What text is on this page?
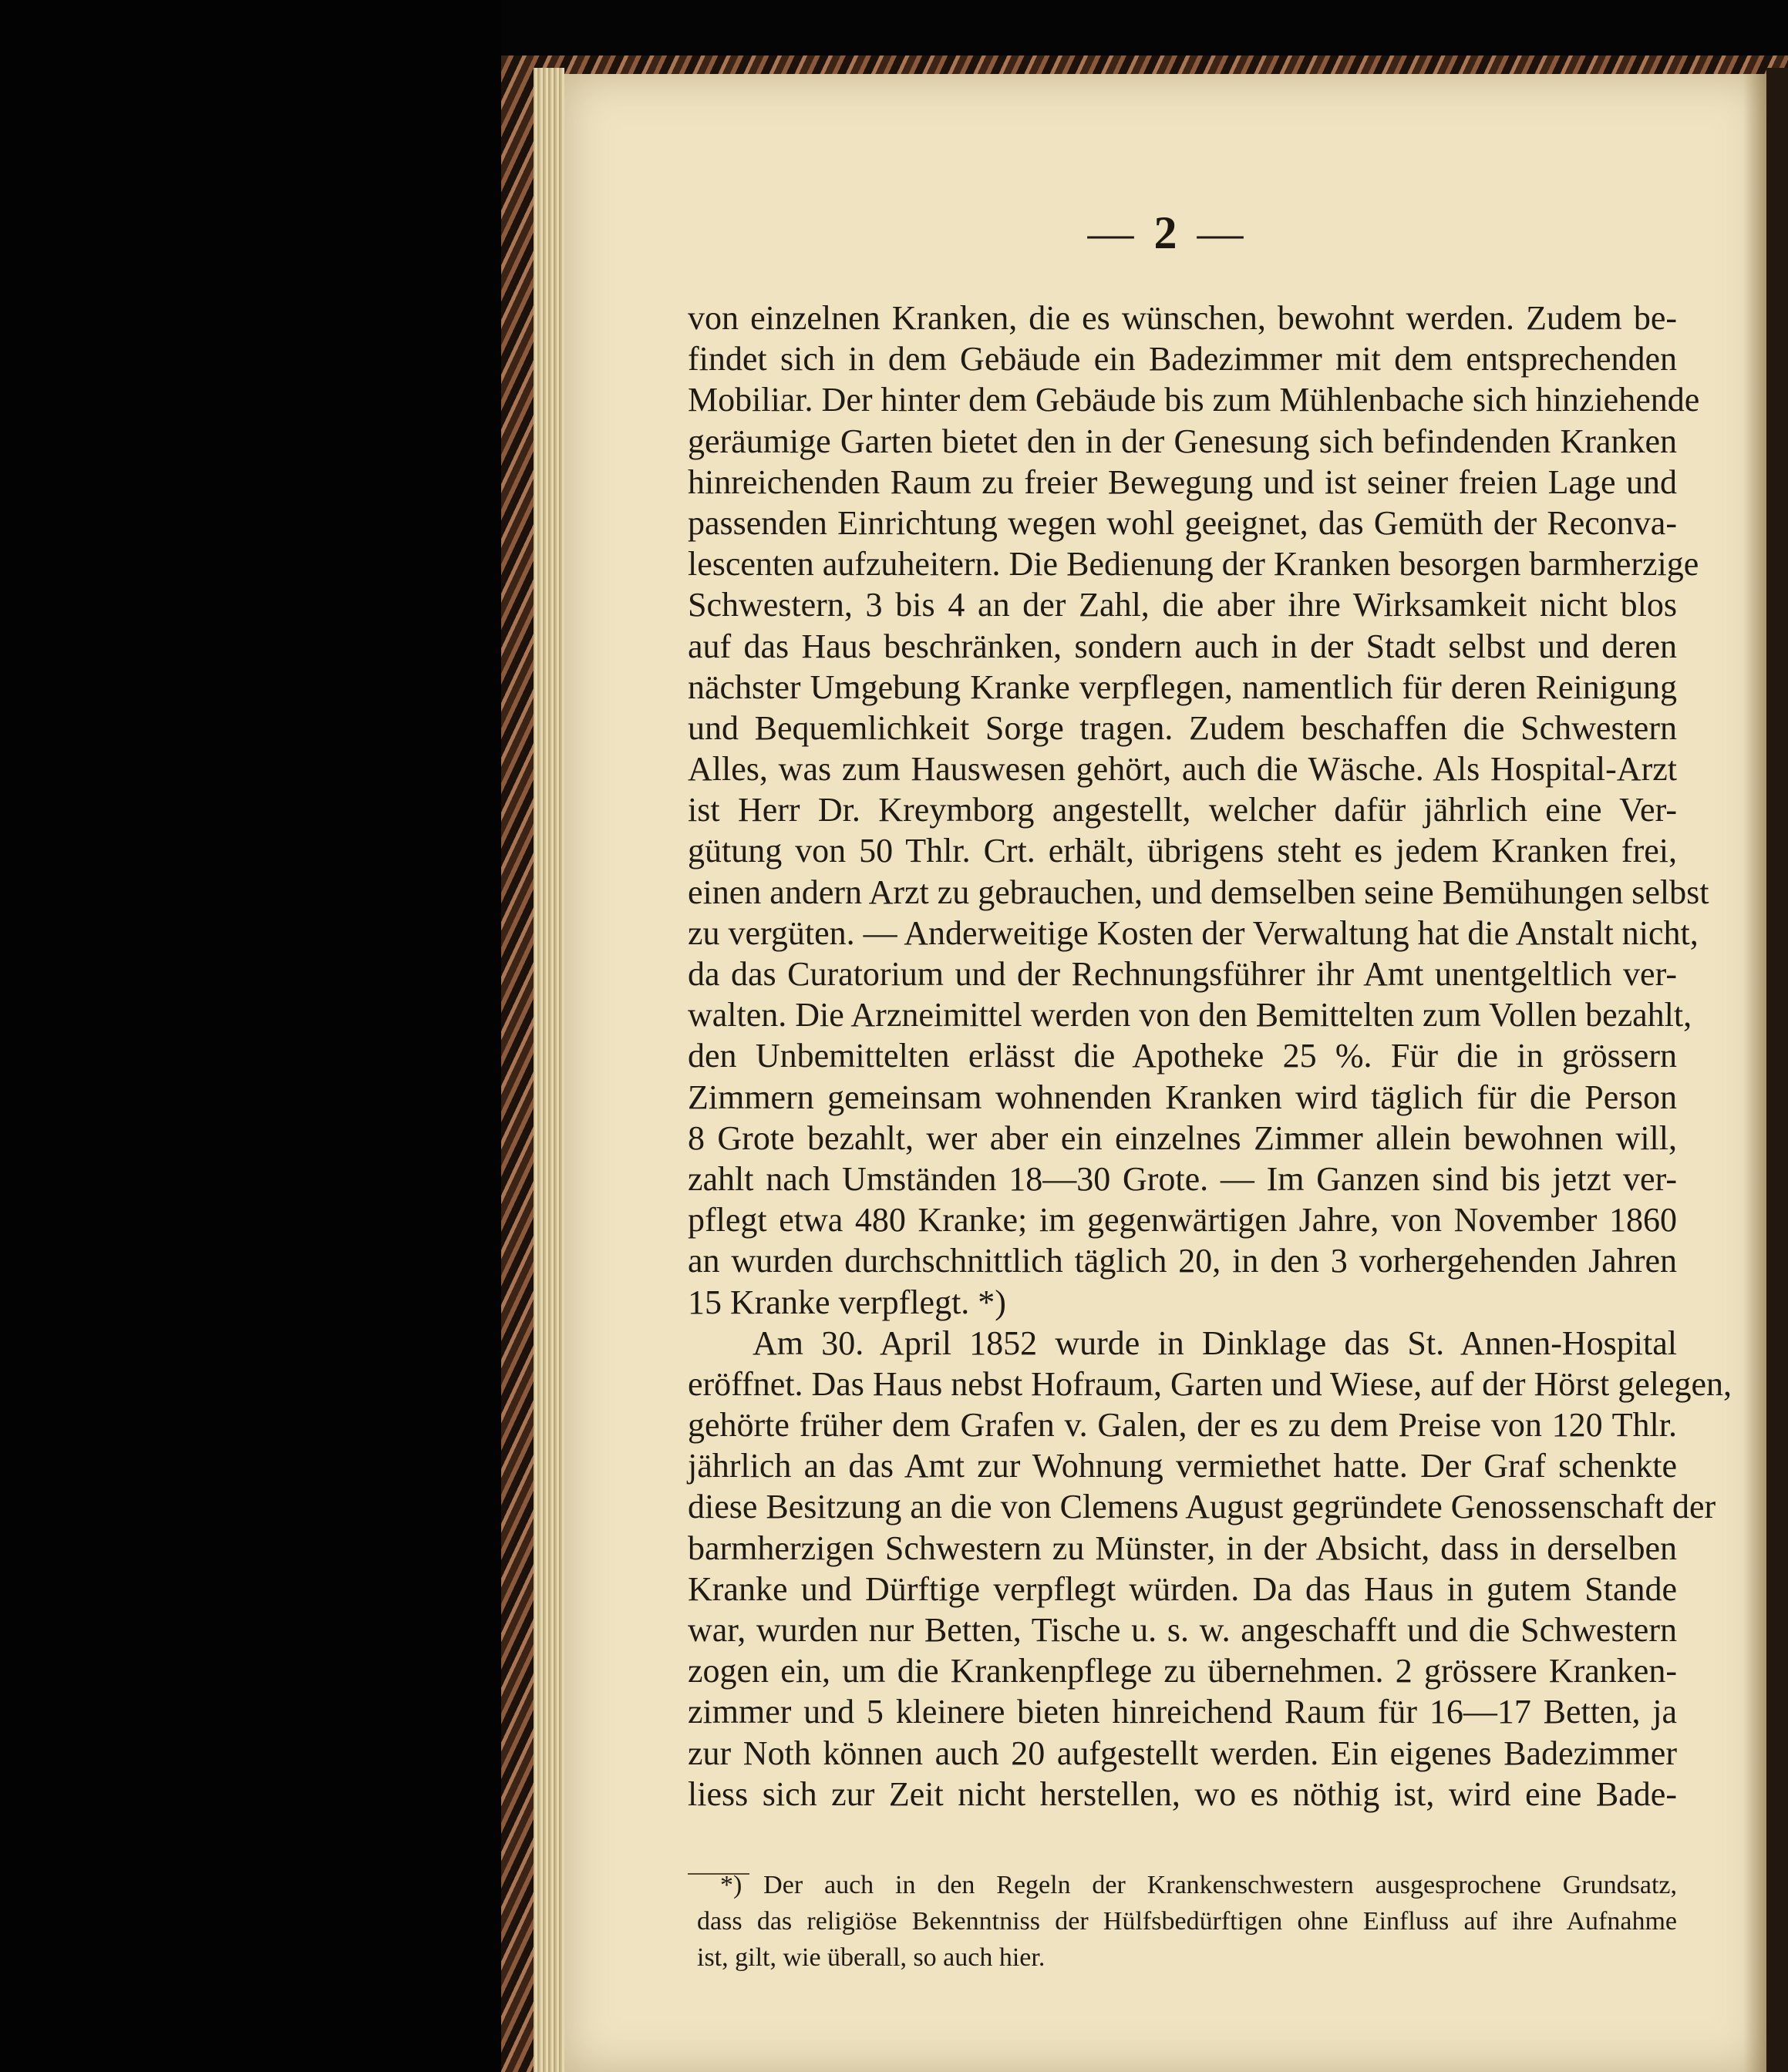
— 2 —
von einzelnen Kranken, die es wünschen, bewohnt werden. Zudem be-
findet sich in dem Gebäude ein Badezimmer mit dem entsprechenden
Mobiliar. Der hinter dem Gebäude bis zum Mühlenbache sich hinziehende
geräumige Garten bietet den in der Genesung sich befindenden Kranken
hinreichenden Raum zu freier Bewegung und ist seiner freien Lage und
passenden Einrichtung wegen wohl geeignet, das Gemüth der Reconva-
lescenten aufzuheitern. Die Bedienung der Kranken besorgen barmherzige
Schwestern, 3 bis 4 an der Zahl, die aber ihre Wirksamkeit nicht blos
auf das Haus beschränken, sondern auch in der Stadt selbst und deren
nächster Umgebung Kranke verpflegen, namentlich für deren Reinigung
und Bequemlichkeit Sorge tragen. Zudem beschaffen die Schwestern
Alles, was zum Hauswesen gehört, auch die Wäsche. Als Hospital-Arzt
ist Herr Dr. Kreymborg angestellt, welcher dafür jährlich eine Ver-
gütung von 50 Thlr. Crt. erhält, übrigens steht es jedem Kranken frei,
einen andern Arzt zu gebrauchen, und demselben seine Bemühungen selbst
zu vergüten. — Anderweitige Kosten der Verwaltung hat die Anstalt nicht,
da das Curatorium und der Rechnungsführer ihr Amt unentgeltlich ver-
walten. Die Arzneimittel werden von den Bemittelten zum Vollen bezahlt,
den Unbemittelten erlässt die Apotheke 25 %. Für die in grössern
Zimmern gemeinsam wohnenden Kranken wird täglich für die Person
8 Grote bezahlt, wer aber ein einzelnes Zimmer allein bewohnen will,
zahlt nach Umständen 18—30 Grote. — Im Ganzen sind bis jetzt ver-
pflegt etwa 480 Kranke; im gegenwärtigen Jahre, von November 1860
an wurden durchschnittlich täglich 20, in den 3 vorhergehenden Jahren
15 Kranke verpflegt. *)
Am 30. April 1852 wurde in Dinklage das St. Annen-Hospital
eröffnet. Das Haus nebst Hofraum, Garten und Wiese, auf der Hörst gelegen,
gehörte früher dem Grafen v. Galen, der es zu dem Preise von 120 Thlr.
jährlich an das Amt zur Wohnung vermiethet hatte. Der Graf schenkte
diese Besitzung an die von Clemens August gegründete Genossenschaft der
barmherzigen Schwestern zu Münster, in der Absicht, dass in derselben
Kranke und Dürftige verpflegt würden. Da das Haus in gutem Stande
war, wurden nur Betten, Tische u. s. w. angeschafft und die Schwestern
zogen ein, um die Krankenpflege zu übernehmen. 2 grössere Kranken-
zimmer und 5 kleinere bieten hinreichend Raum für 16—17 Betten, ja
zur Noth können auch 20 aufgestellt werden. Ein eigenes Badezimmer
liess sich zur Zeit nicht herstellen, wo es nöthig ist, wird eine Bade-
*) Der auch in den Regeln der Krankenschwestern ausgesprochene Grundsatz,
dass das religiöse Bekenntniss der Hülfsbedürftigen ohne Einfluss auf ihre Aufnahme
ist, gilt, wie überall, so auch hier.
